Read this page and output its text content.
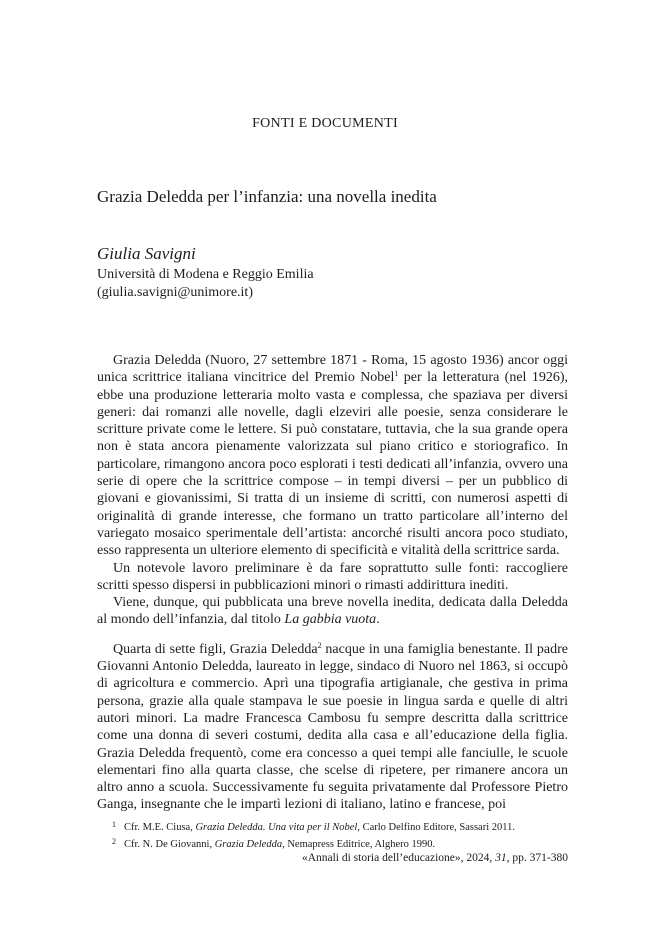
FONTI E DOCUMENTI
Grazia Deledda per l’infanzia: una novella inedita
Giulia Savigni
Università di Modena e Reggio Emilia
(giulia.savigni@unimore.it)

Grazia Deledda (Nuoro, 27 settembre 1871 - Roma, 15 agosto 1936) ancor oggi unica scrittrice italiana vincitrice del Premio Nobel$^1$ per la letteratura (nel 1926), ebbe una produzione letteraria molto vasta e complessa, che spaziava per diversi generi: dai romanzi alle novelle, dagli elzeviri alle poesie, senza considerare le scritture private come le lettere. Si può constatare, tuttavia, che la sua grande opera non è stata ancora pienamente valorizzata sul piano critico e storiografico. In particolare, rimangono ancora poco esplorati i testi dedicati all’infanzia, ovvero una serie di opere che la scrittrice compose – in tempi diversi – per un pubblico di giovani e giovanissimi, Si tratta di un insieme di scritti, con numerosi aspetti di originalità di grande interesse, che formano un tratto particolare all’interno del variegato mosaico sperimentale dell’artista: ancorché risulti ancora poco studiato, esso rappresenta un ulteriore elemento di specificità e vitalità della scrittrice sarda.

Un notevole lavoro preliminare è da fare soprattutto sulle fonti: raccogliere scritti spesso dispersi in pubblicazioni minori o rimasti addirittura inediti.

Viene, dunque, qui pubblicata una breve novella inedita, dedicata dalla Deledda al mondo dell’infanzia, dal titolo La gabbia vuota.

Quarta di sette figli, Grazia Deledda$^2$ nacque in una famiglia benestante. Il padre Giovanni Antonio Deledda, laureato in legge, sindaco di Nuoro nel 1863, si occupò di agricoltura e commercio. Aprì una tipografia artigianale, che gestiva in prima persona, grazie alla quale stampava le sue poesie in lingua sarda e quelle di altri autori minori. La madre Francesca Cambosu fu sempre descritta dalla scrittrice come una donna di severi costumi, dedita alla casa e all’educazione della figlia. Grazia Deledda frequentò, come era concesso a quei tempi alle fanciulle, le scuole elementari fino alla quarta classe, che scelse di ripetere, per rimanere ancora un altro anno a scuola. Successivamente fu seguita privatamente dal Professore Pietro Ganga, insegnante che le impartì lezioni di italiano, latino e francese, poi

1 Cfr. M.E. Ciusa, Grazia Deledda. Una vita per il Nobel, Carlo Delfino Editore, Sassari 2011.
2 Cfr. N. De Giovanni, Grazia Deledda, Nemapress Editrice, Alghero 1990.
«Annali di storia dell’educazione», 2024, 31, pp. 371-380
